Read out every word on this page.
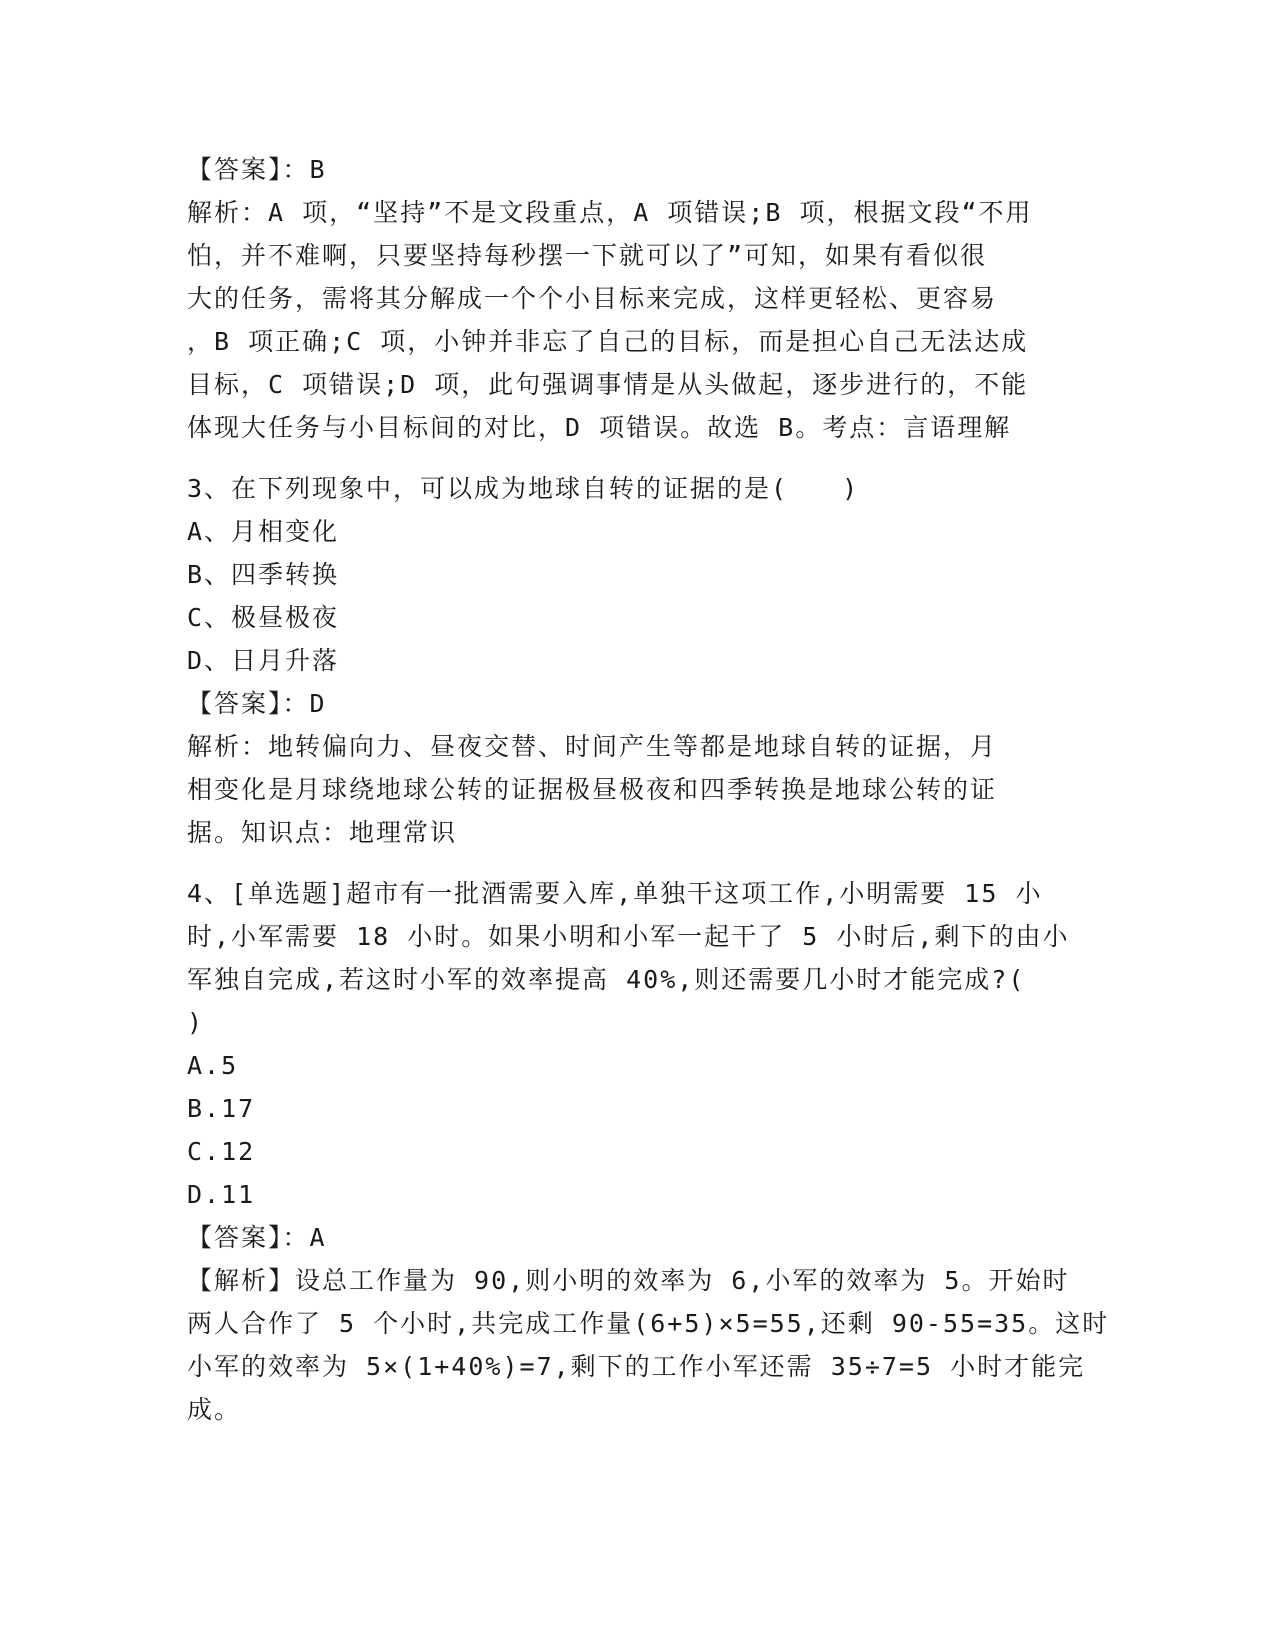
【答案】：B
解析：A 项，“坚持”不是文段重点，A 项错误;B 项，根据文段“不用
怕，并不难啊，只要坚持每秒摆一下就可以了”可知，如果有看似很
大的任务，需将其分解成一个个小目标来完成，这样更轻松、更容易
，B 项正确;C 项，小钟并非忘了自己的目标，而是担心自己无法达成
目标，C 项错误;D 项，此句强调事情是从头做起，逐步进行的，不能
体现大任务与小目标间的对比，D 项错误。故选 B。考点：言语理解
3、在下列现象中，可以成为地球自转的证据的是(　　)
A、月相变化
B、四季转换
C、极昼极夜
D、日月升落
【答案】：D
解析：地转偏向力、昼夜交替、时间产生等都是地球自转的证据，月
相变化是月球绕地球公转的证据极昼极夜和四季转换是地球公转的证
据。知识点：地理常识
4、[单选题]超市有一批酒需要入库,单独干这项工作,小明需要 15 小
时,小军需要 18 小时。如果小明和小军一起干了 5 小时后,剩下的由小
军独自完成,若这时小军的效率提高 40%,则还需要几小时才能完成?(
)
A.5
B.17
C.12
D.11
【答案】：A
【解析】设总工作量为 90,则小明的效率为 6,小军的效率为 5。开始时
两人合作了 5 个小时,共完成工作量(6+5)×5=55,还剩 90-55=35。这时
小军的效率为 5×(1+40%)=7,剩下的工作小军还需 35÷7=5 小时才能完
成。
